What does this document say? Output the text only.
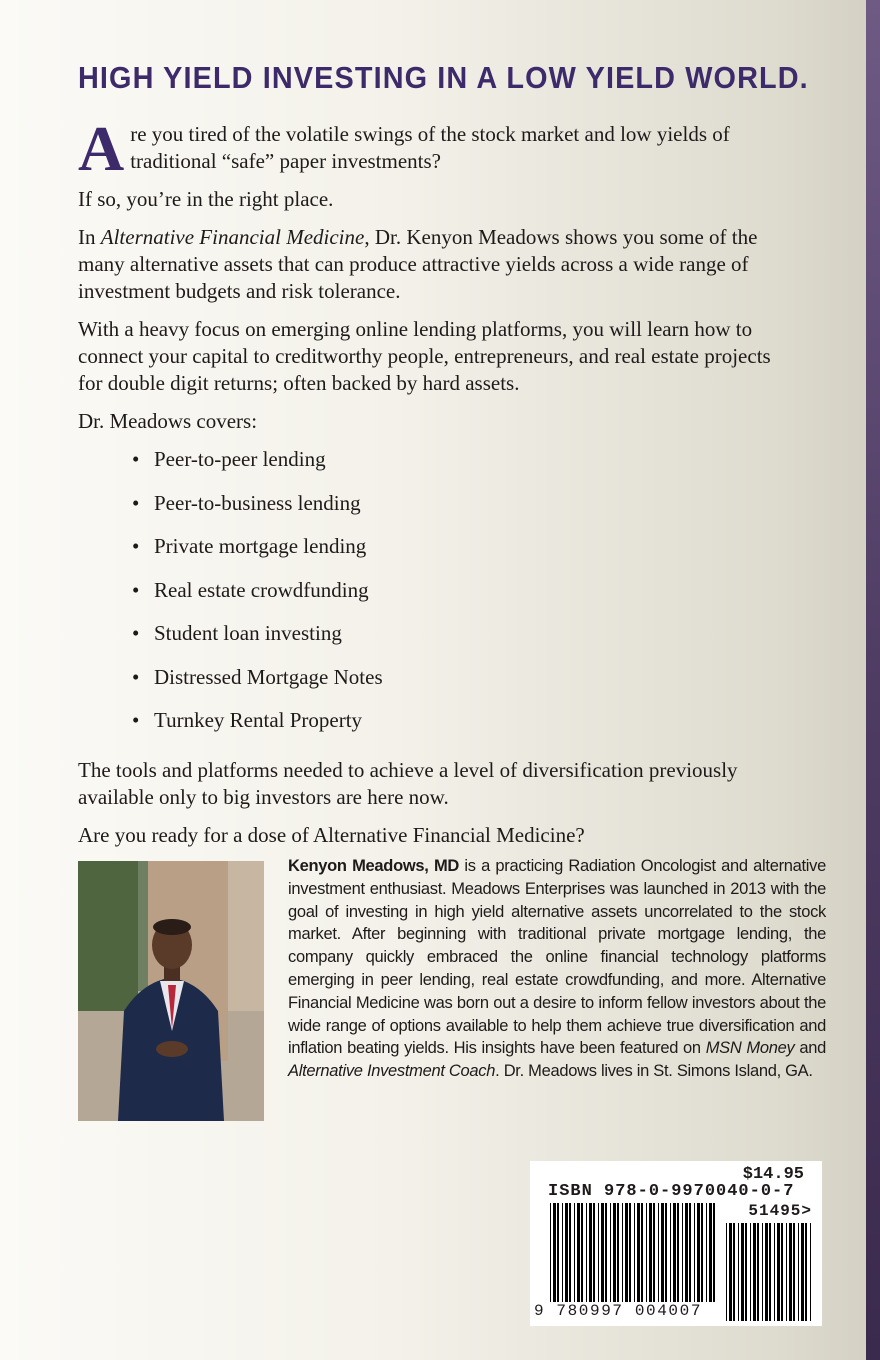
HIGH YIELD INVESTING IN A LOW YIELD WORLD.

Are you tired of the volatile swings of the stock market and low yields of traditional “safe” paper investments?

If so, you’re in the right place.

In Alternative Financial Medicine, Dr. Kenyon Meadows shows you some of the many alternative assets that can produce attractive yields across a wide range of investment budgets and risk tolerance.

With a heavy focus on emerging online lending platforms, you will learn how to connect your capital to creditworthy people, entrepreneurs, and real estate projects for double digit returns; often backed by hard assets.

Dr. Meadows covers:

• Peer-to-peer lending
• Peer-to-business lending
• Private mortgage lending
• Real estate crowdfunding
• Student loan investing
• Distressed Mortgage Notes
• Turnkey Rental Property

The tools and platforms needed to achieve a level of diversification previously available only to big investors are here now.

Are you ready for a dose of Alternative Financial Medicine?

Kenyon Meadows, MD is a practicing Radiation Oncologist and alternative investment enthusiast. Meadows Enterprises was launched in 2013 with the goal of investing in high yield alternative assets uncorrelated to the stock market. After beginning with traditional private mortgage lending, the company quickly embraced the online financial technology platforms emerging in peer lending, real estate crowdfunding, and more. Alternative Financial Medicine was born out a desire to inform fellow investors about the wide range of options available to help them achieve true diversification and inflation beating yields. His insights have been featured on MSN Money and Alternative Investment Coach. Dr. Meadows lives in St. Simons Island, GA.
$14.95
ISBN 978-0-9970040-0-7
51495>
9 780997 004007
